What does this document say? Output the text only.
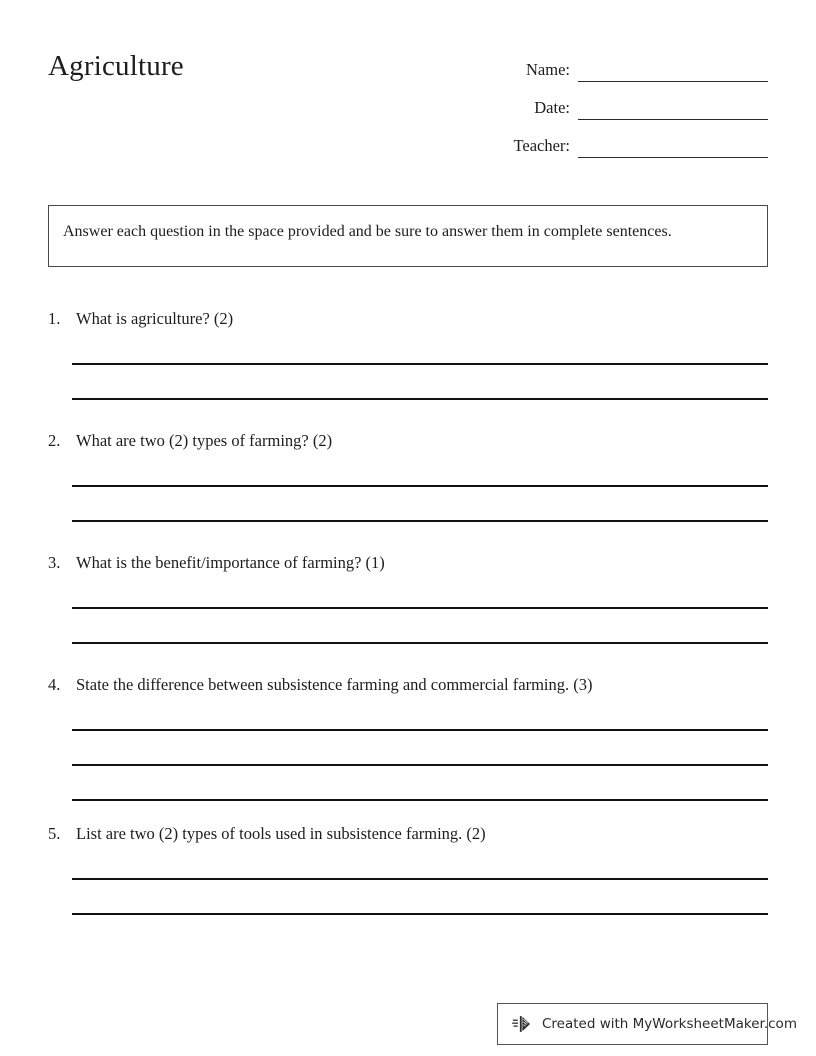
Agriculture	Name:
Date:
Teacher:
Answer each question in the space provided and be sure to answer them in complete sentences.
1. What is agriculture? (2)
2. What are two (2) types of farming? (2)
3. What is the benefit/importance of farming? (1)
4. State the difference between subsistence farming and commercial farming. (3)
5. List are two (2) types of tools used in subsistence farming. (2)
Created with MyWorksheetMaker.com
